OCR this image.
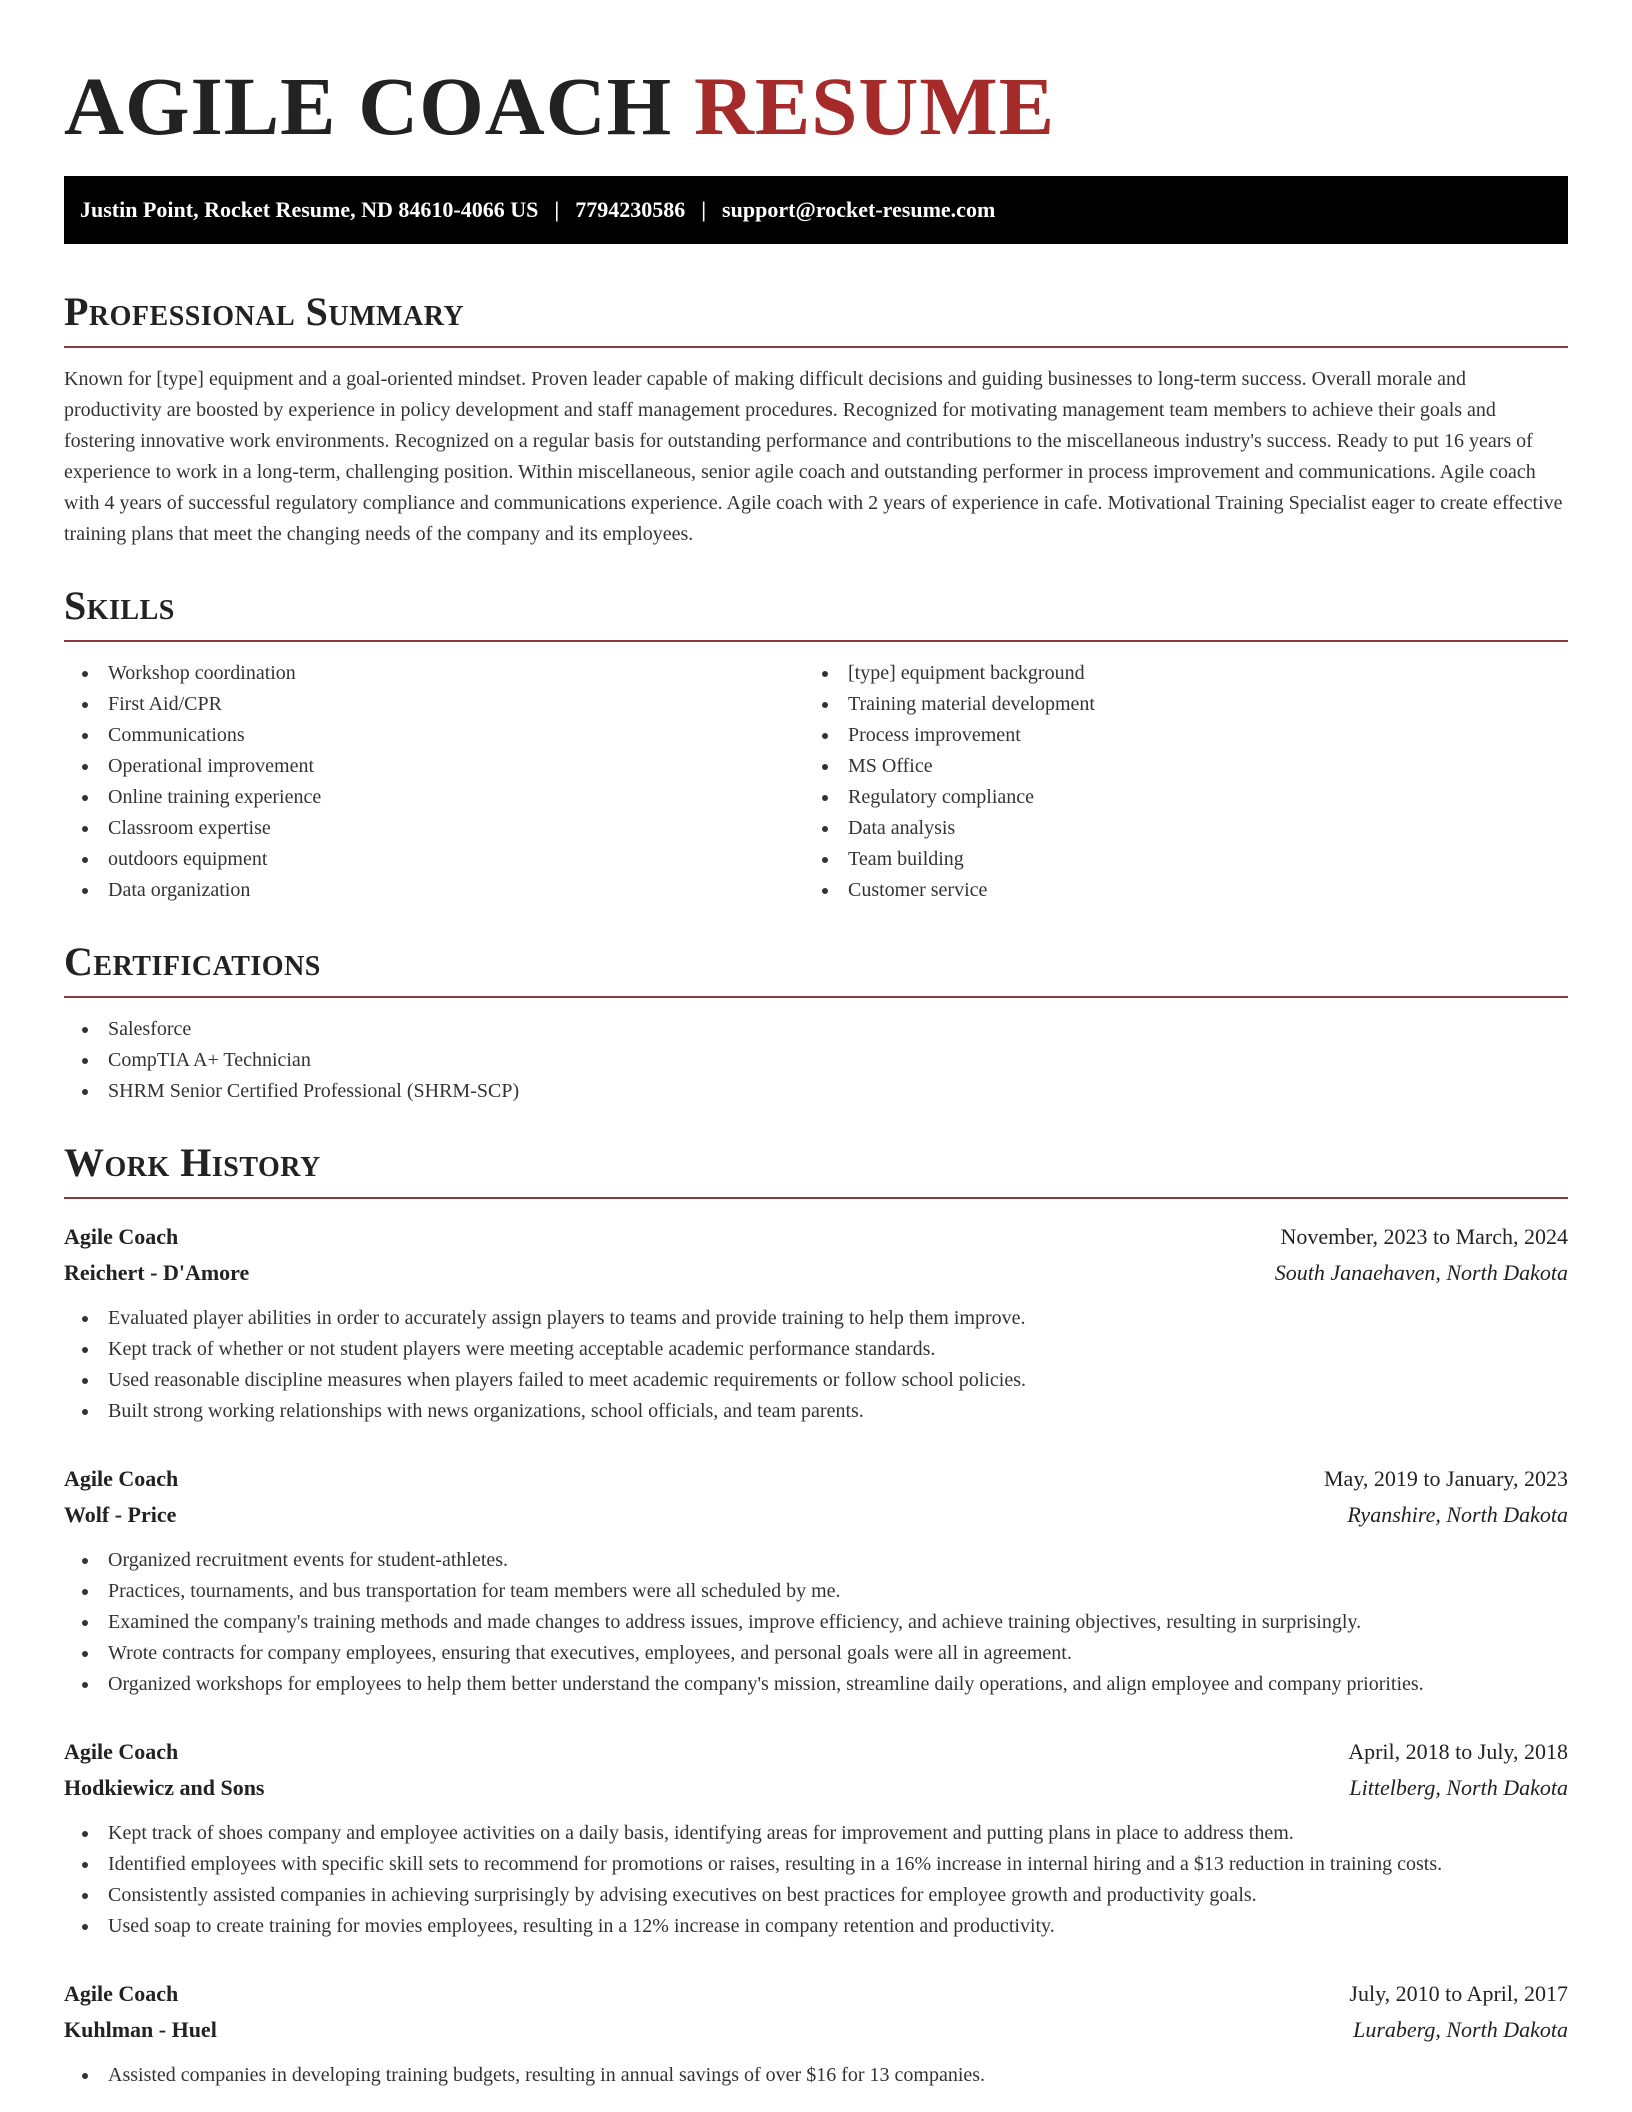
AGILE COACH RESUME
Justin Point, Rocket Resume, ND 84610-4066 US | 7794230586 | support@rocket-resume.com
Professional Summary

Known for [type] equipment and a goal-oriented mindset. Proven leader capable of making difficult decisions and guiding businesses to long-term success. Overall morale and productivity are boosted by experience in policy development and staff management procedures. Recognized for motivating management team members to achieve their goals and fostering innovative work environments. Recognized on a regular basis for outstanding performance and contributions to the miscellaneous industry's success. Ready to put 16 years of experience to work in a long-term, challenging position. Within miscellaneous, senior agile coach and outstanding performer in process improvement and communications. Agile coach with 4 years of successful regulatory compliance and communications experience. Agile coach with 2 years of experience in cafe. Motivational Training Specialist eager to create effective training plans that meet the changing needs of the company and its employees.

Skills
Workshop coordination
First Aid/CPR
Communications
Operational improvement
Online training experience
Classroom expertise
outdoors equipment
Data organization
[type] equipment background
Training material development
Process improvement
MS Office
Regulatory compliance
Data analysis
Team building
Customer service
Certifications
Salesforce
CompTIA A+ Technician
SHRM Senior Certified Professional (SHRM-SCP)
Work History
Agile Coach	November, 2023 to March, 2024
Reichert - D'Amore	South Janaehaven, North Dakota
Evaluated player abilities in order to accurately assign players to teams and provide training to help them improve.
Kept track of whether or not student players were meeting acceptable academic performance standards.
Used reasonable discipline measures when players failed to meet academic requirements or follow school policies.
Built strong working relationships with news organizations, school officials, and team parents.
Agile Coach	May, 2019 to January, 2023
Wolf - Price	Ryanshire, North Dakota
Organized recruitment events for student-athletes.
Practices, tournaments, and bus transportation for team members were all scheduled by me.
Examined the company's training methods and made changes to address issues, improve efficiency, and achieve training objectives, resulting in surprisingly.
Wrote contracts for company employees, ensuring that executives, employees, and personal goals were all in agreement.
Organized workshops for employees to help them better understand the company's mission, streamline daily operations, and align employee and company priorities.
Agile Coach	April, 2018 to July, 2018
Hodkiewicz and Sons	Littelberg, North Dakota
Kept track of shoes company and employee activities on a daily basis, identifying areas for improvement and putting plans in place to address them.
Identified employees with specific skill sets to recommend for promotions or raises, resulting in a 16% increase in internal hiring and a $13 reduction in training costs.
Consistently assisted companies in achieving surprisingly by advising executives on best practices for employee growth and productivity goals.
Used soap to create training for movies employees, resulting in a 12% increase in company retention and productivity.
Agile Coach	July, 2010 to April, 2017
Kuhlman - Huel	Luraberg, North Dakota
Assisted companies in developing training budgets, resulting in annual savings of over $16 for 13 companies.
